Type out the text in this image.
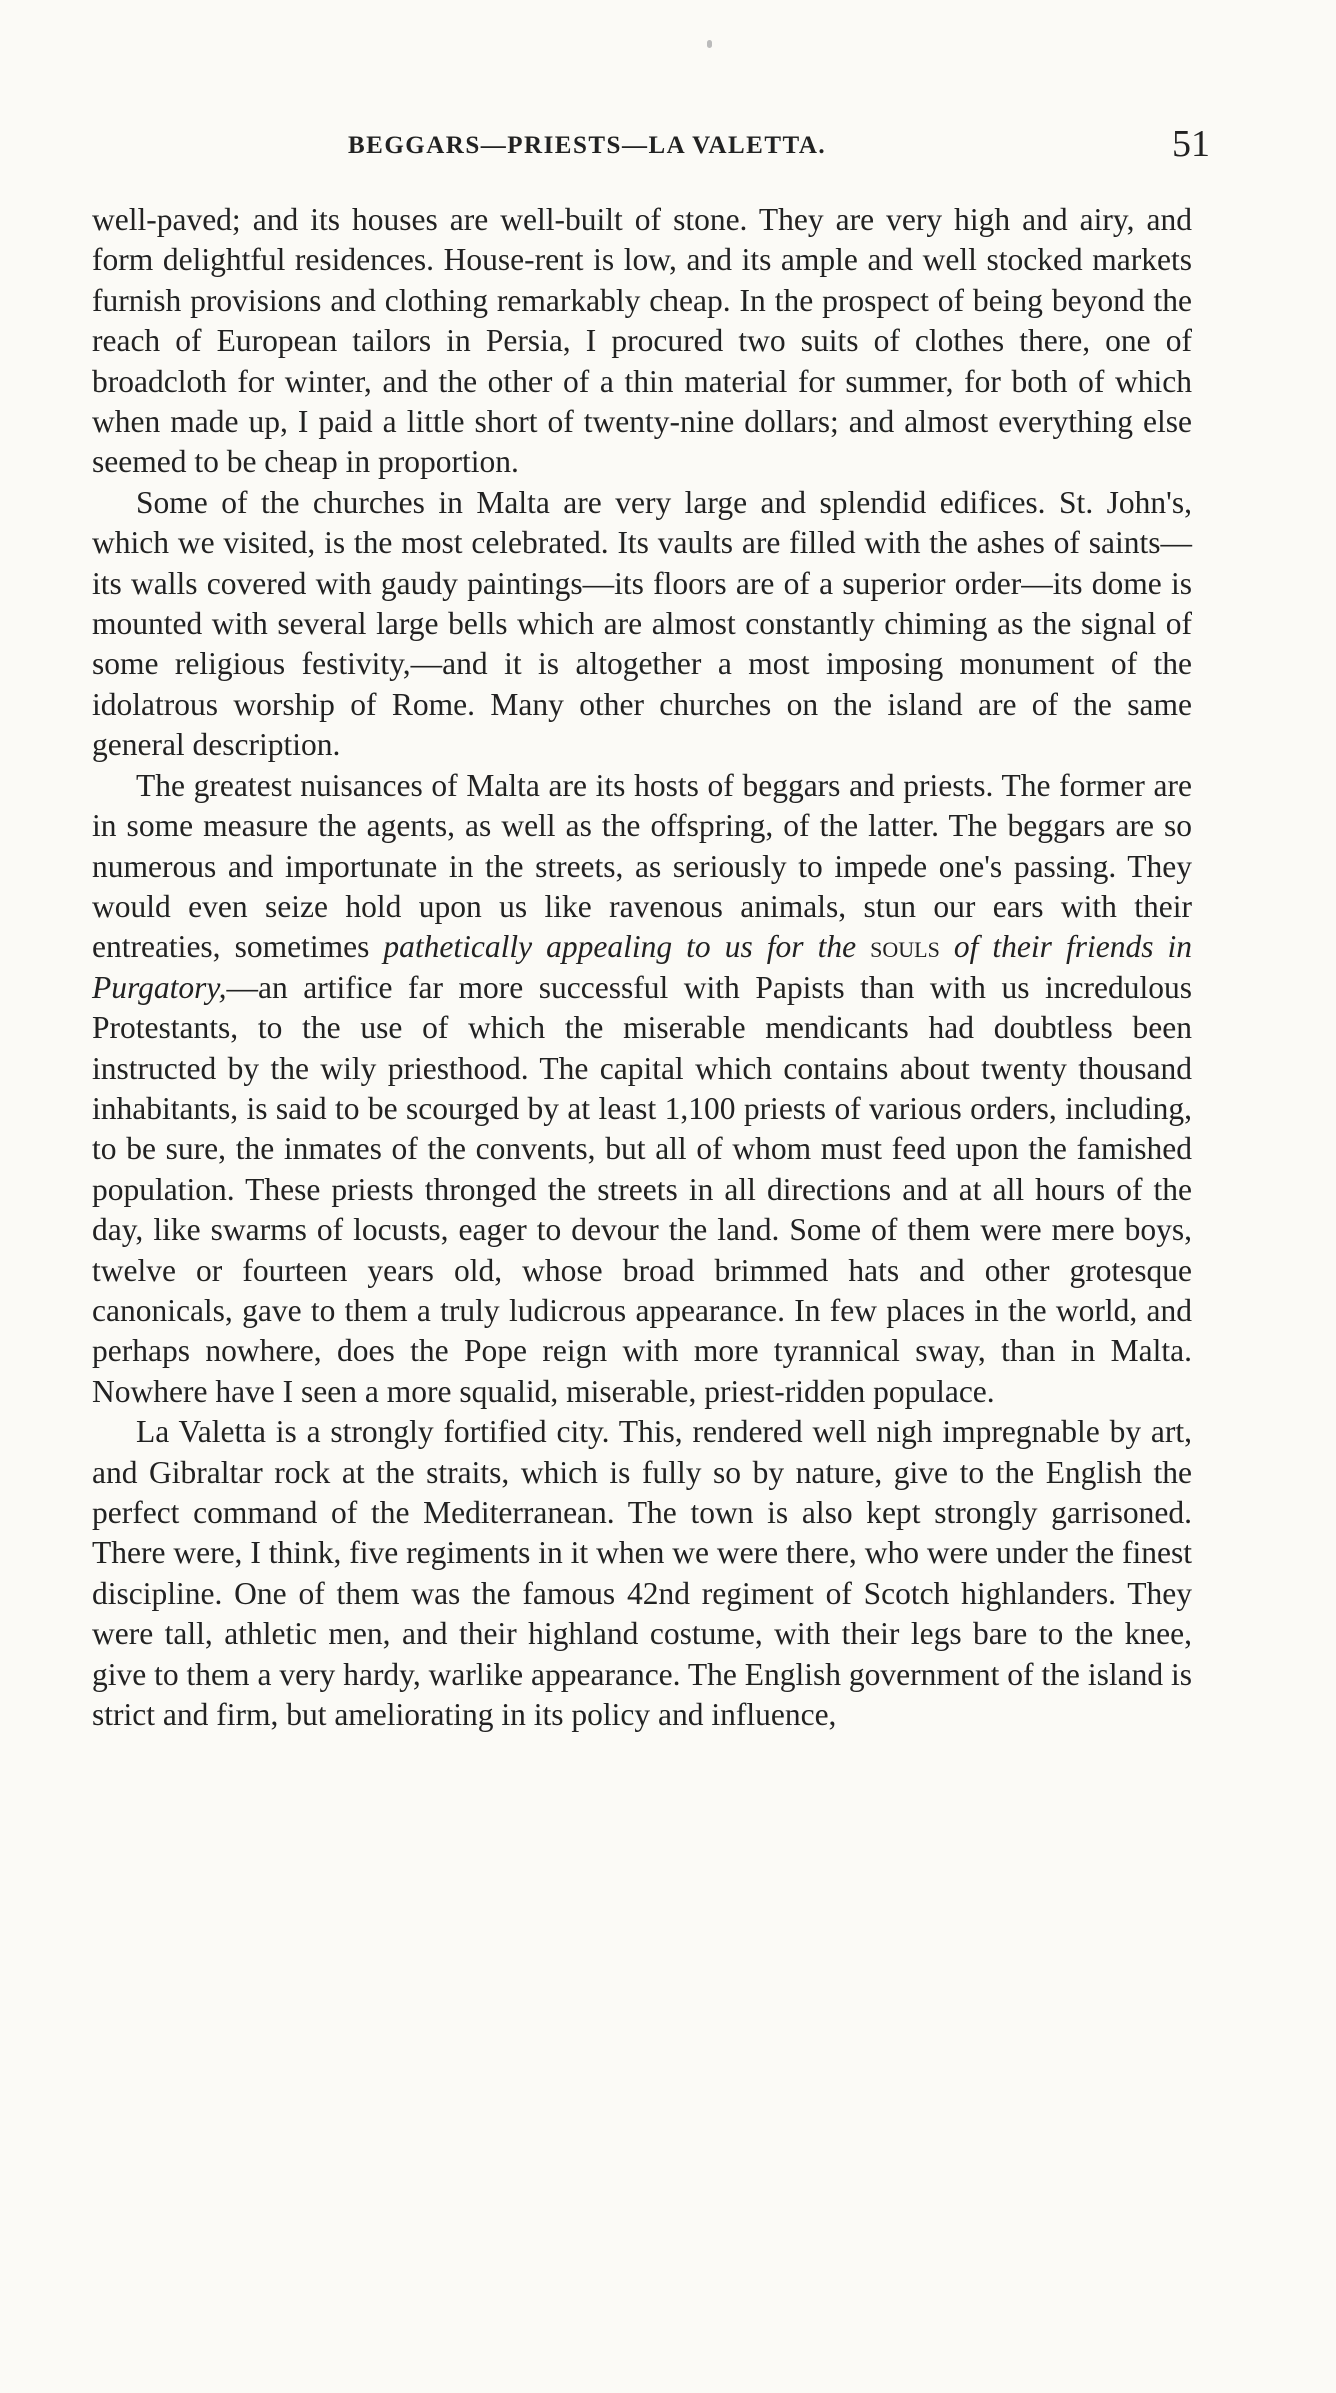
BEGGARS—PRIESTS—LA VALETTA.	51

well-paved; and its houses are well-built of stone. They are very high and airy, and form delightful residences. House-rent is low, and its ample and well stocked markets furnish provisions and clothing remarkably cheap. In the prospect of being beyond the reach of European tailors in Persia, I procured two suits of clothes there, one of broadcloth for winter, and the other of a thin material for summer, for both of which when made up, I paid a little short of twenty-nine dollars; and almost everything else seemed to be cheap in proportion.

Some of the churches in Malta are very large and splendid edifices. St. John's, which we visited, is the most celebrated. Its vaults are filled with the ashes of saints—its walls covered with gaudy paintings—its floors are of a superior order—its dome is mounted with several large bells which are almost constantly chiming as the signal of some religious festivity,—and it is altogether a most imposing monument of the idolatrous worship of Rome. Many other churches on the island are of the same general description.

The greatest nuisances of Malta are its hosts of beggars and priests. The former are in some measure the agents, as well as the offspring, of the latter. The beggars are so numerous and importunate in the streets, as seriously to impede one's passing. They would even seize hold upon us like ravenous animals, stun our ears with their entreaties, sometimes pathetically appealing to us for the souls of their friends in Purgatory,—an artifice far more successful with Papists than with us incredulous Protestants, to the use of which the miserable mendicants had doubtless been instructed by the wily priesthood. The capital which contains about twenty thousand inhabitants, is said to be scourged by at least 1,100 priests of various orders, including, to be sure, the inmates of the convents, but all of whom must feed upon the famished population. These priests thronged the streets in all directions and at all hours of the day, like swarms of locusts, eager to devour the land. Some of them were mere boys, twelve or fourteen years old, whose broad brimmed hats and other grotesque canonicals, gave to them a truly ludicrous appearance. In few places in the world, and perhaps nowhere, does the Pope reign with more tyrannical sway, than in Malta. Nowhere have I seen a more squalid, miserable, priest-ridden populace.

La Valetta is a strongly fortified city. This, rendered well nigh impregnable by art, and Gibraltar rock at the straits, which is fully so by nature, give to the English the perfect command of the Mediterranean. The town is also kept strongly garrisoned. There were, I think, five regiments in it when we were there, who were under the finest discipline. One of them was the famous 42nd regiment of Scotch highlanders. They were tall, athletic men, and their highland costume, with their legs bare to the knee, give to them a very hardy, warlike appearance. The English government of the island is strict and firm, but ameliorating in its policy and influence,
